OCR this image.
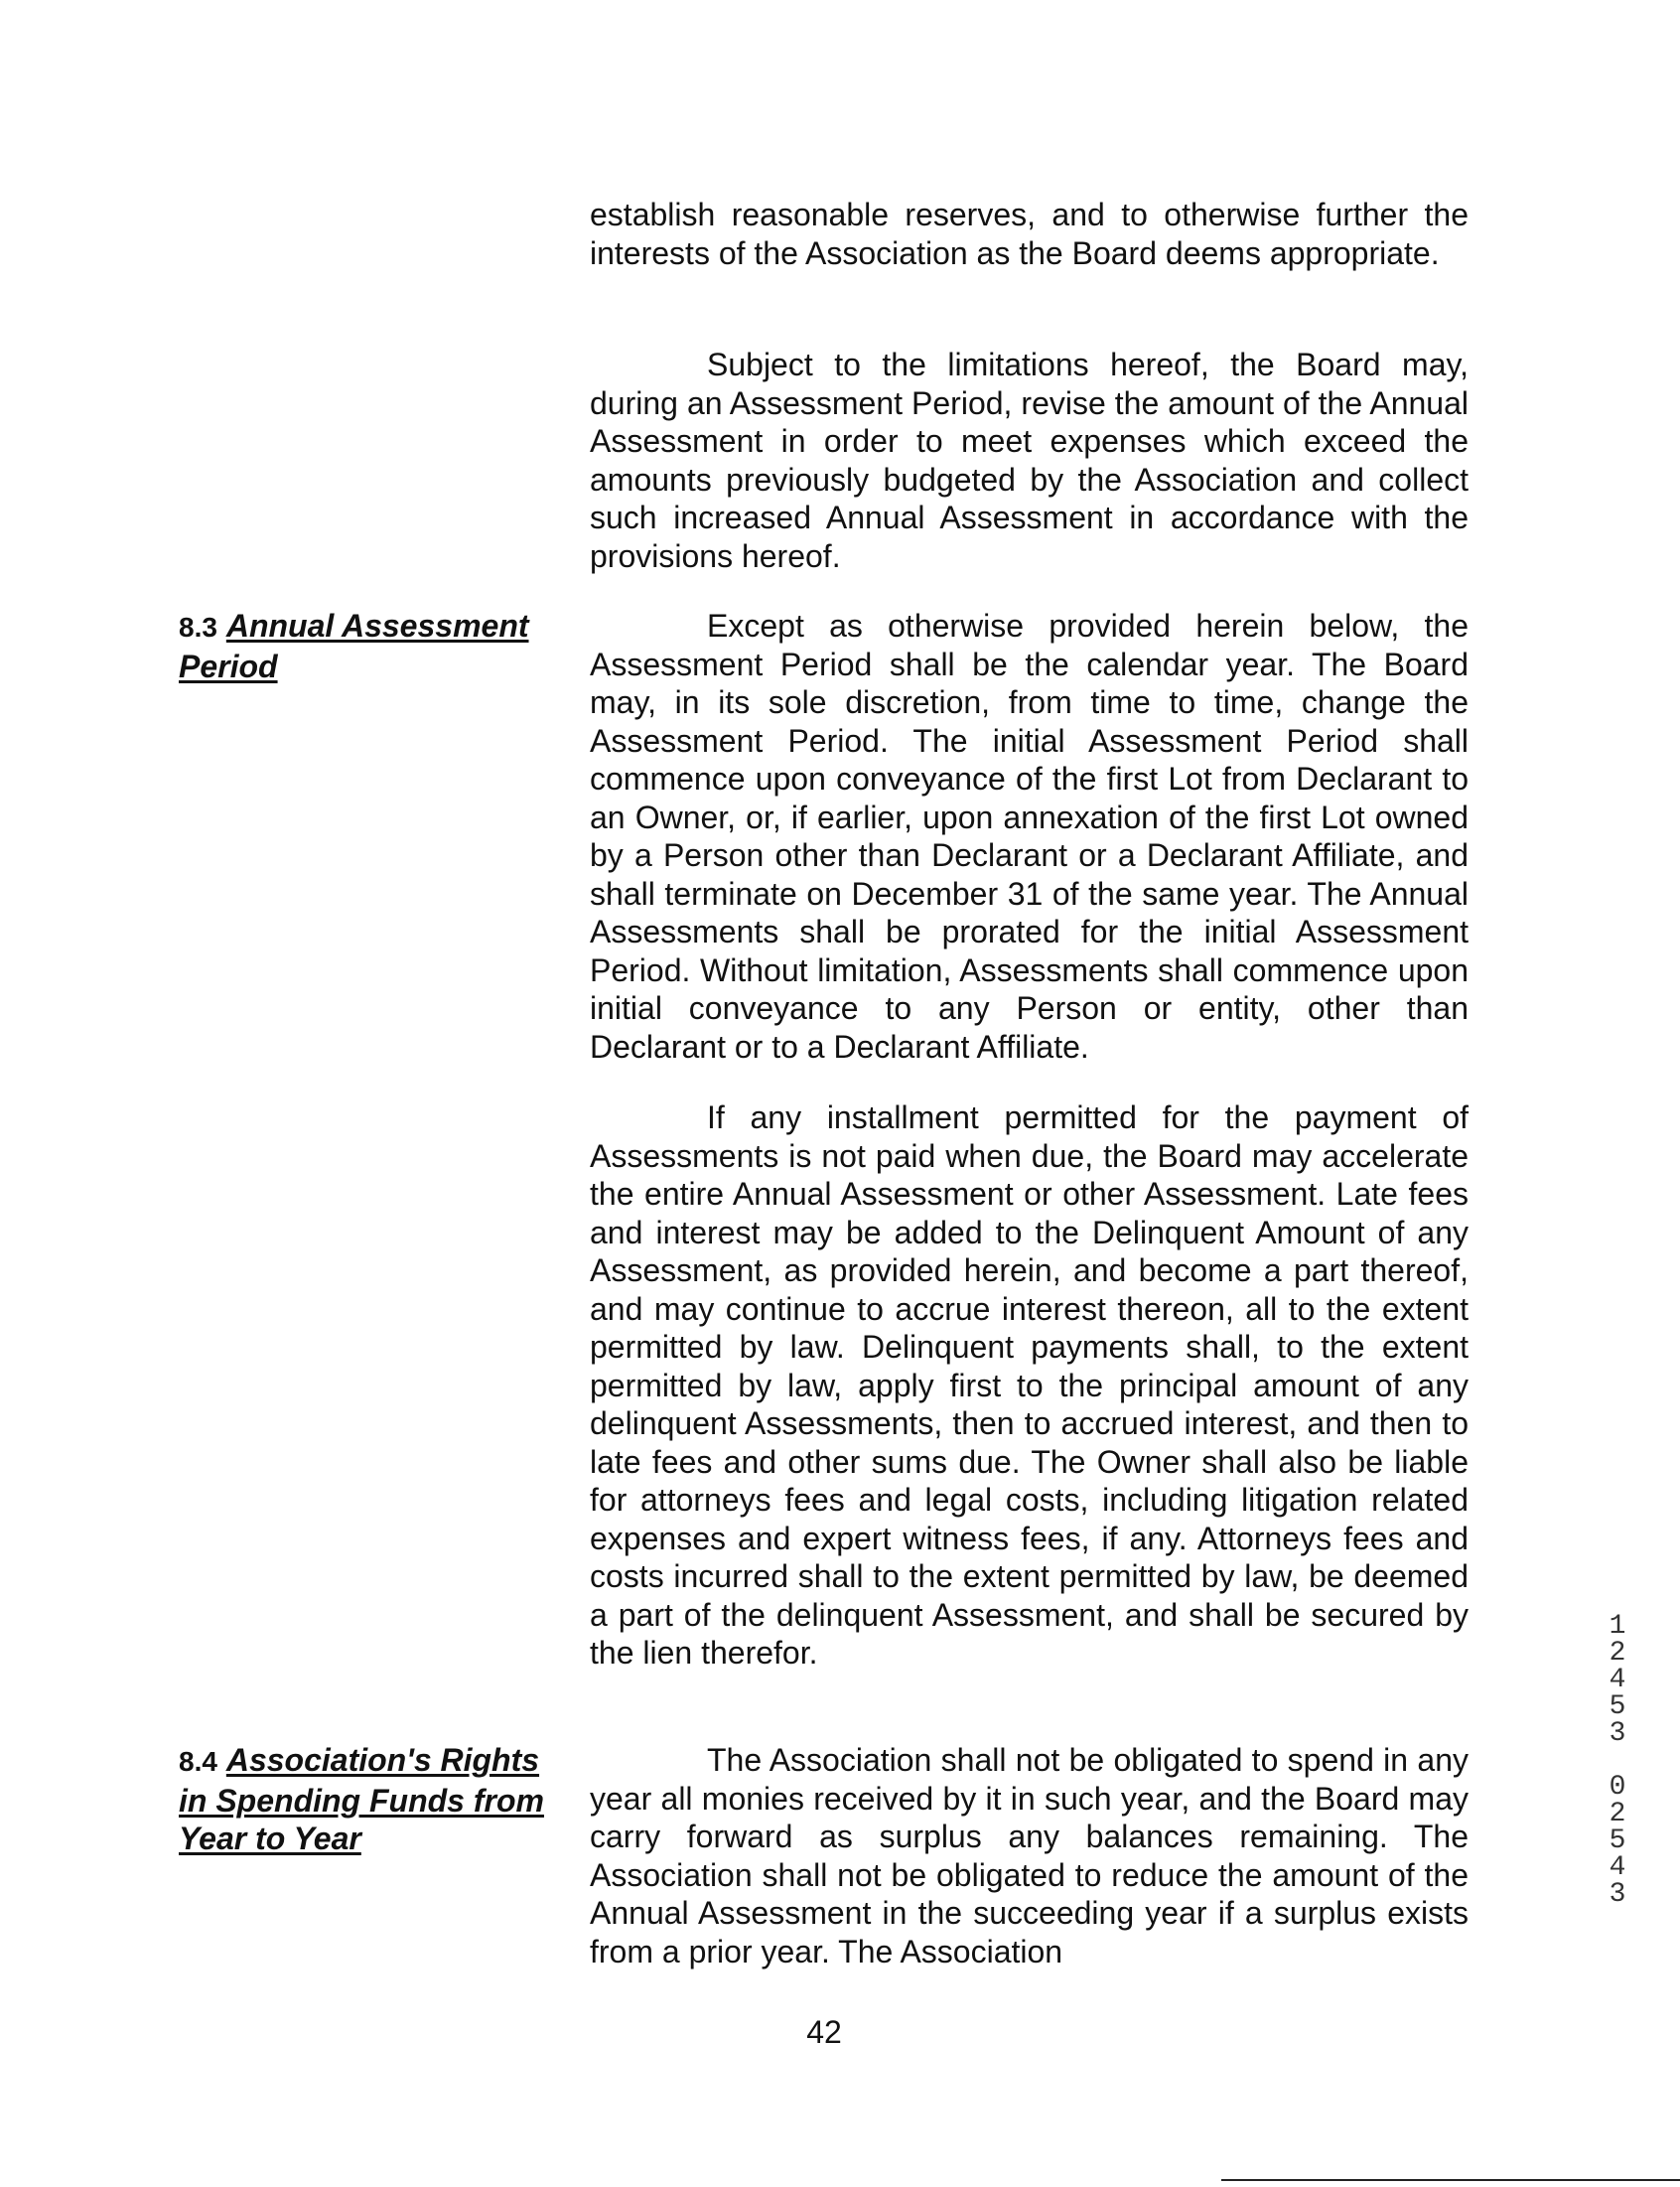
establish reasonable reserves, and to otherwise further the interests of the Association as the Board deems appropriate.

Subject to the limitations hereof, the Board may, during an Assessment Period, revise the amount of the Annual Assessment in order to meet expenses which exceed the amounts previously budgeted by the Association and collect such increased Annual Assessment in accordance with the provisions hereof.

8.3 Annual Assessment Period

Except as otherwise provided herein below, the Assessment Period shall be the calendar year. The Board may, in its sole discretion, from time to time, change the Assessment Period. The initial Assessment Period shall commence upon conveyance of the first Lot from Declarant to an Owner, or, if earlier, upon annexation of the first Lot owned by a Person other than Declarant or a Declarant Affiliate, and shall terminate on December 31 of the same year. The Annual Assessments shall be prorated for the initial Assessment Period. Without limitation, Assessments shall commence upon initial conveyance to any Person or entity, other than Declarant or to a Declarant Affiliate.

If any installment permitted for the payment of Assessments is not paid when due, the Board may accelerate the entire Annual Assessment or other Assessment. Late fees and interest may be added to the Delinquent Amount of any Assessment, as provided herein, and become a part thereof, and may continue to accrue interest thereon, all to the extent permitted by law. Delinquent payments shall, to the extent permitted by law, apply first to the principal amount of any delinquent Assessments, then to accrued interest, and then to late fees and other sums due. The Owner shall also be liable for attorneys fees and legal costs, including litigation related expenses and expert witness fees, if any. Attorneys fees and costs incurred shall to the extent permitted by law, be deemed a part of the delinquent Assessment, and shall be secured by the lien therefor.

8.4 Association's Rights in Spending Funds from Year to Year

The Association shall not be obligated to spend in any year all monies received by it in such year, and the Board may carry forward as surplus any balances remaining. The Association shall not be obligated to reduce the amount of the Annual Assessment in the succeeding year if a surplus exists from a prior year. The Association

42
1
2
4
5
3
0
2
5
4
3
